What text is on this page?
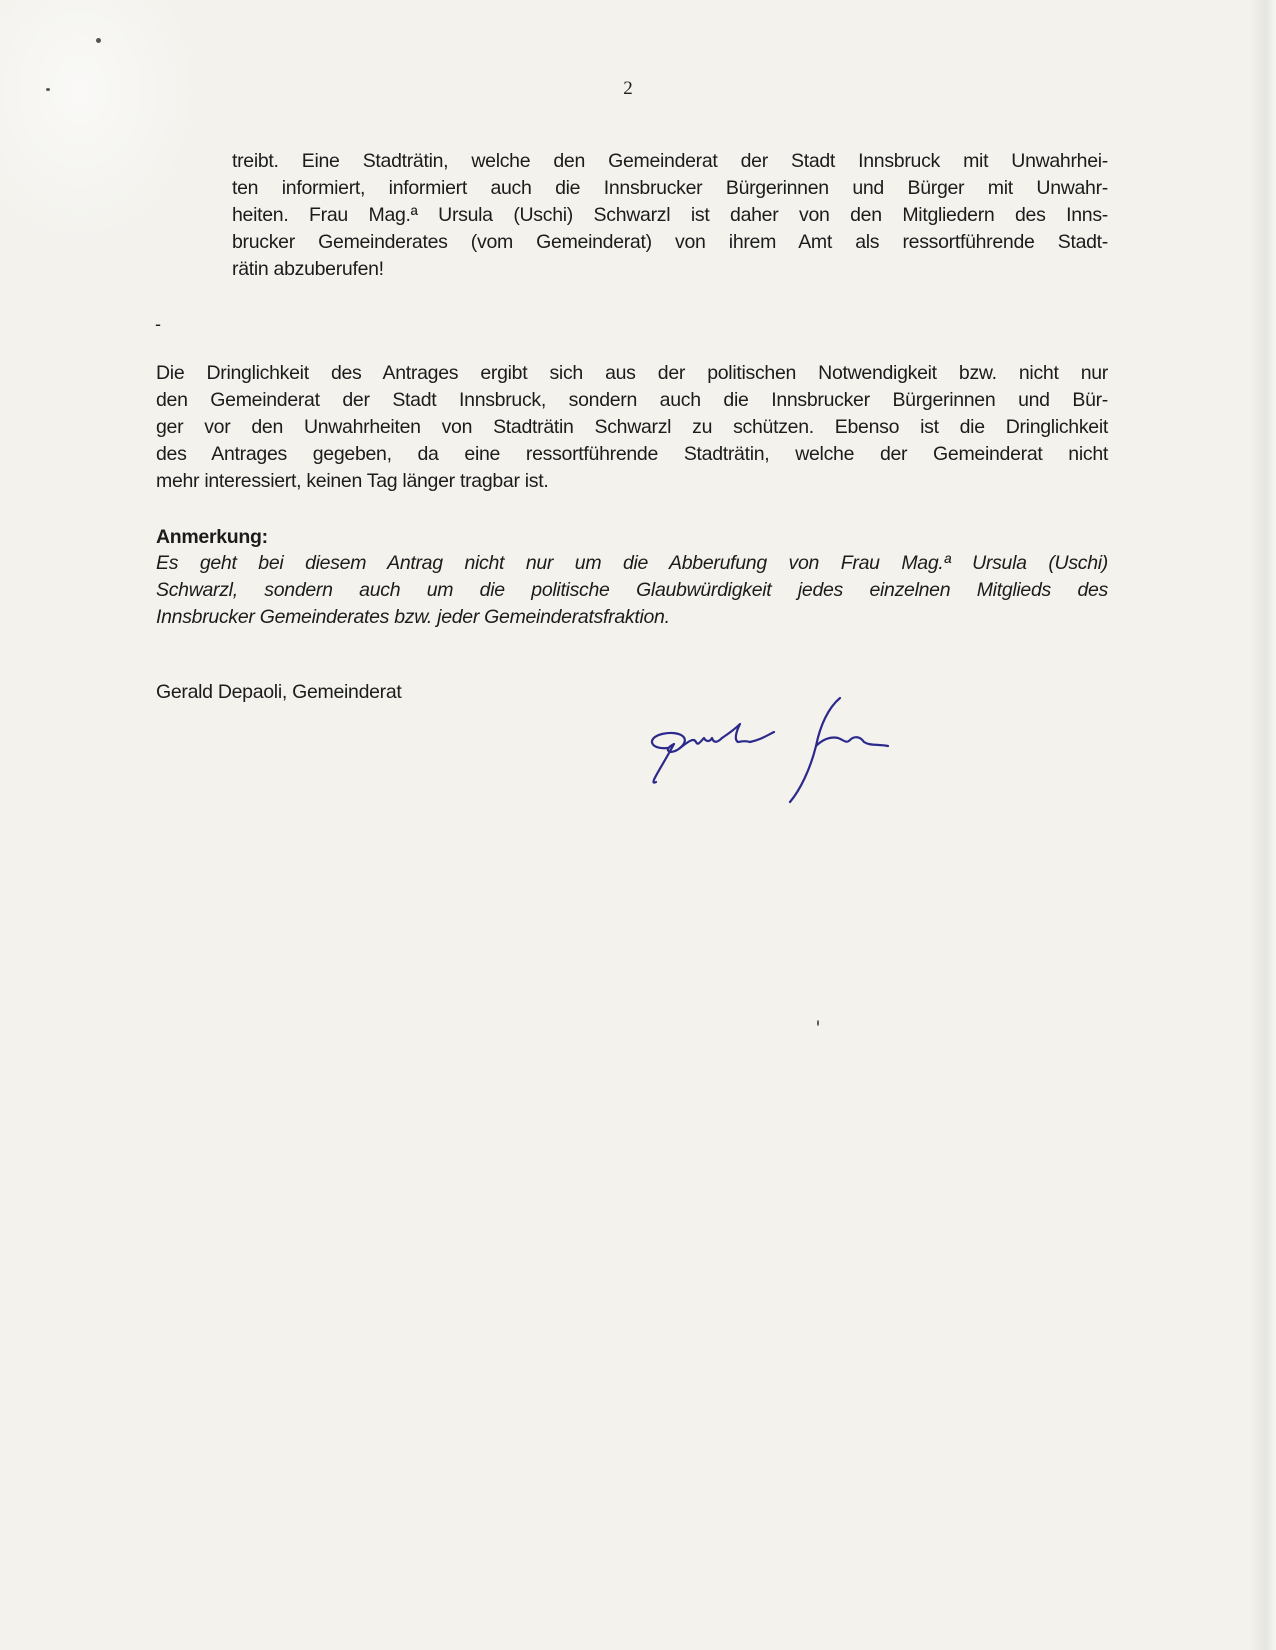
2
treibt. Eine Stadträtin, welche den Gemeinderat der Stadt Innsbruck mit Unwahrhei-
ten informiert, informiert auch die Innsbrucker Bürgerinnen und Bürger mit Unwahr-
heiten. Frau Mag.ª Ursula (Uschi) Schwarzl ist daher von den Mitgliedern des Inns-
brucker Gemeinderates (vom Gemeinderat) von ihrem Amt als ressortführende Stadt-
rätin abzuberufen!
-
Die Dringlichkeit des Antrages ergibt sich aus der politischen Notwendigkeit bzw. nicht nur
den Gemeinderat der Stadt Innsbruck, sondern auch die Innsbrucker Bürgerinnen und Bür-
ger vor den Unwahrheiten von Stadträtin Schwarzl zu schützen. Ebenso ist die Dringlichkeit
des Antrages gegeben, da eine ressortführende Stadträtin, welche der Gemeinderat nicht
mehr interessiert, keinen Tag länger tragbar ist.
Anmerkung:
Es geht bei diesem Antrag nicht nur um die Abberufung von Frau Mag.ª Ursula (Uschi)
Schwarzl, sondern auch um die politische Glaubwürdigkeit jedes einzelnen Mitglieds des
Innsbrucker Gemeinderates bzw. jeder Gemeinderatsfraktion.
Gerald Depaoli, Gemeinderat
